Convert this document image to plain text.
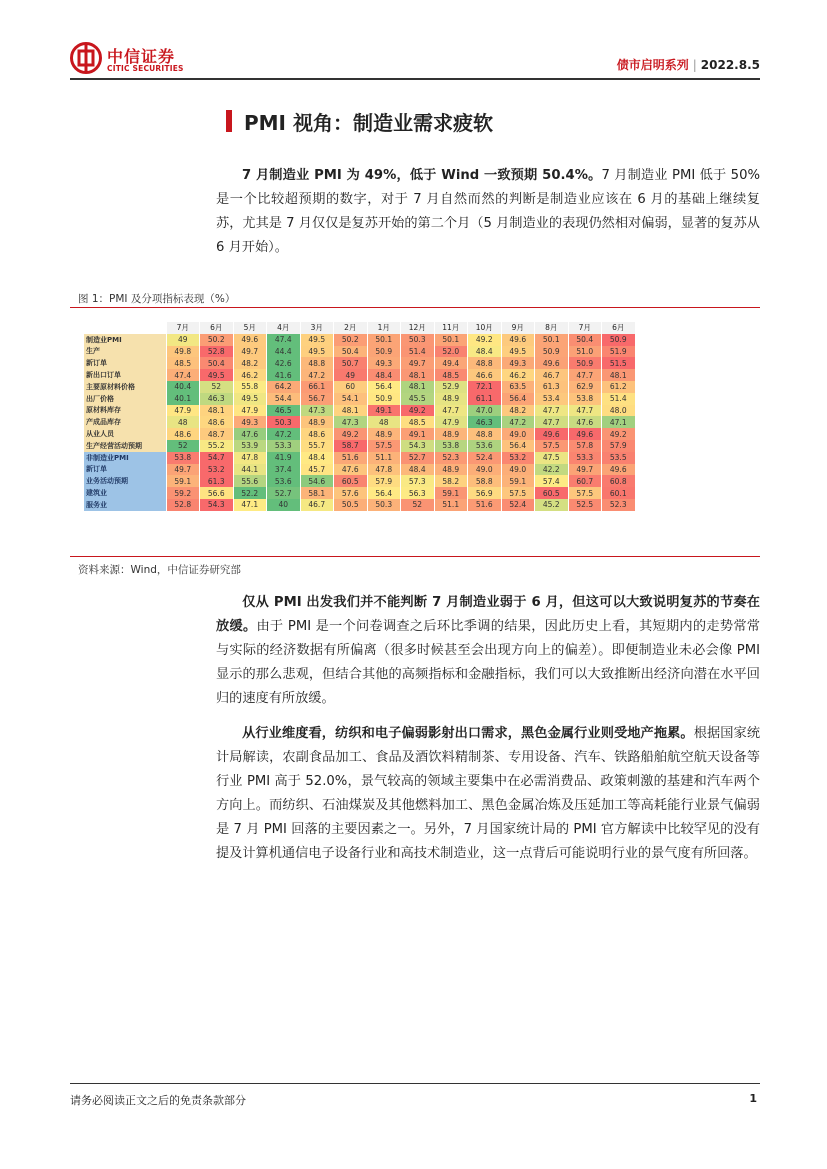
中信证券
CITIC SECURITIES	债市启明系列 | 2022.8.5
PMI 视角：制造业需求疲软
7 月制造业 PMI 为 49%，低于 Wind 一致预期 50.4%。7 月制造业 PMI 低于 50%是一个比较超预期的数字，对于 7 月自然而然的判断是制造业应该在 6 月的基础上继续复苏，尤其是 7 月仅仅是复苏开始的第二个月（5 月制造业的表现仍然相对偏弱，显著的复苏从 6 月开始）。
图 1：PMI 及分项指标表现（%）
	7月	6月	5月	4月	3月	2月	1月	12月	11月	10月	9月	8月	7月	6月
制造业PMI	49	50.2	49.6	47.4	49.5	50.2	50.1	50.3	50.1	49.2	49.6	50.1	50.4	50.9
生产	49.8	52.8	49.7	44.4	49.5	50.4	50.9	51.4	52.0	48.4	49.5	50.9	51.0	51.9
新订单	48.5	50.4	48.2	42.6	48.8	50.7	49.3	49.7	49.4	48.8	49.3	49.6	50.9	51.5
新出口订单	47.4	49.5	46.2	41.6	47.2	49	48.4	48.1	48.5	46.6	46.2	46.7	47.7	48.1
主要原材料价格	40.4	52	55.8	64.2	66.1	60	56.4	48.1	52.9	72.1	63.5	61.3	62.9	61.2
出厂价格	40.1	46.3	49.5	54.4	56.7	54.1	50.9	45.5	48.9	61.1	56.4	53.4	53.8	51.4
原材料库存	47.9	48.1	47.9	46.5	47.3	48.1	49.1	49.2	47.7	47.0	48.2	47.7	47.7	48.0
产成品库存	48	48.6	49.3	50.3	48.9	47.3	48	48.5	47.9	46.3	47.2	47.7	47.6	47.1
从业人员	48.6	48.7	47.6	47.2	48.6	49.2	48.9	49.1	48.9	48.8	49.0	49.6	49.6	49.2
生产经营活动预期	52	55.2	53.9	53.3	55.7	58.7	57.5	54.3	53.8	53.6	56.4	57.5	57.8	57.9
非制造业PMI	53.8	54.7	47.8	41.9	48.4	51.6	51.1	52.7	52.3	52.4	53.2	47.5	53.3	53.5
新订单	49.7	53.2	44.1	37.4	45.7	47.6	47.8	48.4	48.9	49.0	49.0	42.2	49.7	49.6
业务活动预期	59.1	61.3	55.6	53.6	54.6	60.5	57.9	57.3	58.2	58.8	59.1	57.4	60.7	60.8
建筑业	59.2	56.6	52.2	52.7	58.1	57.6	56.4	56.3	59.1	56.9	57.5	60.5	57.5	60.1
服务业	52.8	54.3	47.1	40	46.7	50.5	50.3	52	51.1	51.6	52.4	45.2	52.5	52.3
资料来源：Wind，中信证券研究部
仅从 PMI 出发我们并不能判断 7 月制造业弱于 6 月，但这可以大致说明复苏的节奏在放缓。由于 PMI 是一个问卷调查之后环比季调的结果，因此历史上看，其短期内的走势常常与实际的经济数据有所偏离（很多时候甚至会出现方向上的偏差）。即便制造业未必会像 PMI 显示的那么悲观，但结合其他的高频指标和金融指标，我们可以大致推断出经济向潜在水平回归的速度有所放缓。
从行业维度看，纺织和电子偏弱影射出口需求，黑色金属行业则受地产拖累。根据国家统计局解读，农副食品加工、食品及酒饮料精制茶、专用设备、汽车、铁路船舶航空航天设备等行业 PMI 高于 52.0%，景气较高的领域主要集中在必需消费品、政策刺激的基建和汽车两个方向上。而纺织、石油煤炭及其他燃料加工、黑色金属冶炼及压延加工等高耗能行业景气偏弱是 7 月 PMI 回落的主要因素之一。另外，7 月国家统计局的 PMI 官方解读中比较罕见的没有提及计算机通信电子设备行业和高技术制造业，这一点背后可能说明行业的景气度有所回落。
请务必阅读正文之后的免责条款部分	1
